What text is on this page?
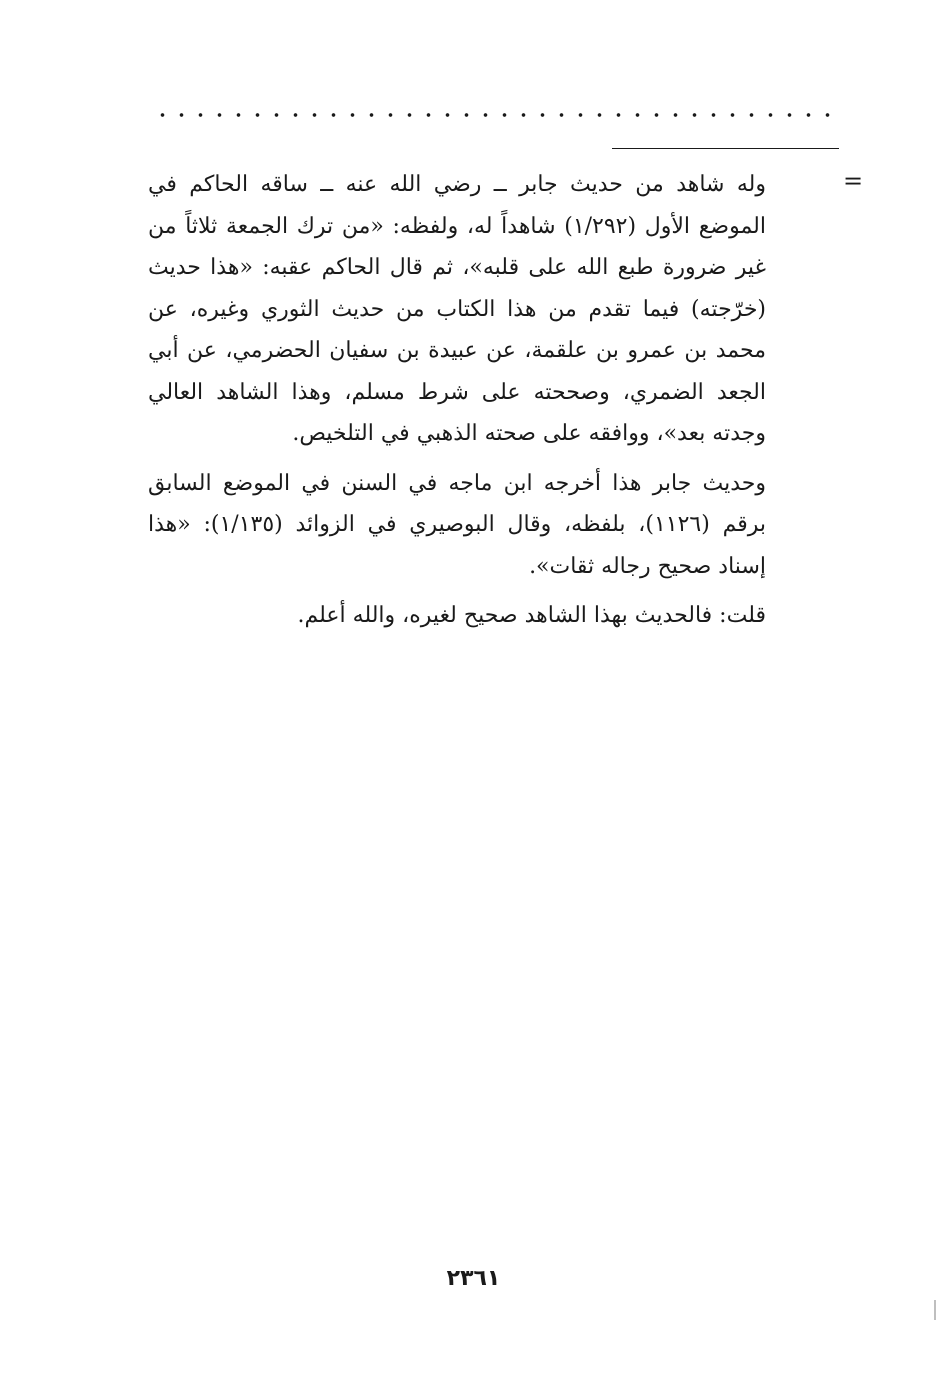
=

وله شاهد من حديث جابر ــ رضي الله عنه ــ ساقه الحاكم في الموضع الأول (١/٢٩٢) شاهداً له، ولفظه: «من ترك الجمعة ثلاثاً من غير ضرورة طبع الله على قلبه»، ثم قال الحاكم عقبه: «هذا حديث (خرّجته) فيما تقدم من هذا الكتاب من حديث الثوري وغيره، عن محمد بن عمرو بن علقمة، عن عبيدة بن سفيان الحضرمي، عن أبي الجعد الضمري، وصححته على شرط مسلم، وهذا الشاهد العالي وجدته بعد»، ووافقه على صحته الذهبي في التلخيص.

وحديث جابر هذا أخرجه ابن ماجه في السنن في الموضع السابق برقم (١١٢٦)، بلفظه، وقال البوصيري في الزوائد (١/١٣٥): «هذا إسناد صحيح رجاله ثقات».

قلت: فالحديث بهذا الشاهد صحيح لغيره، والله أعلم.

٢٣٦١
